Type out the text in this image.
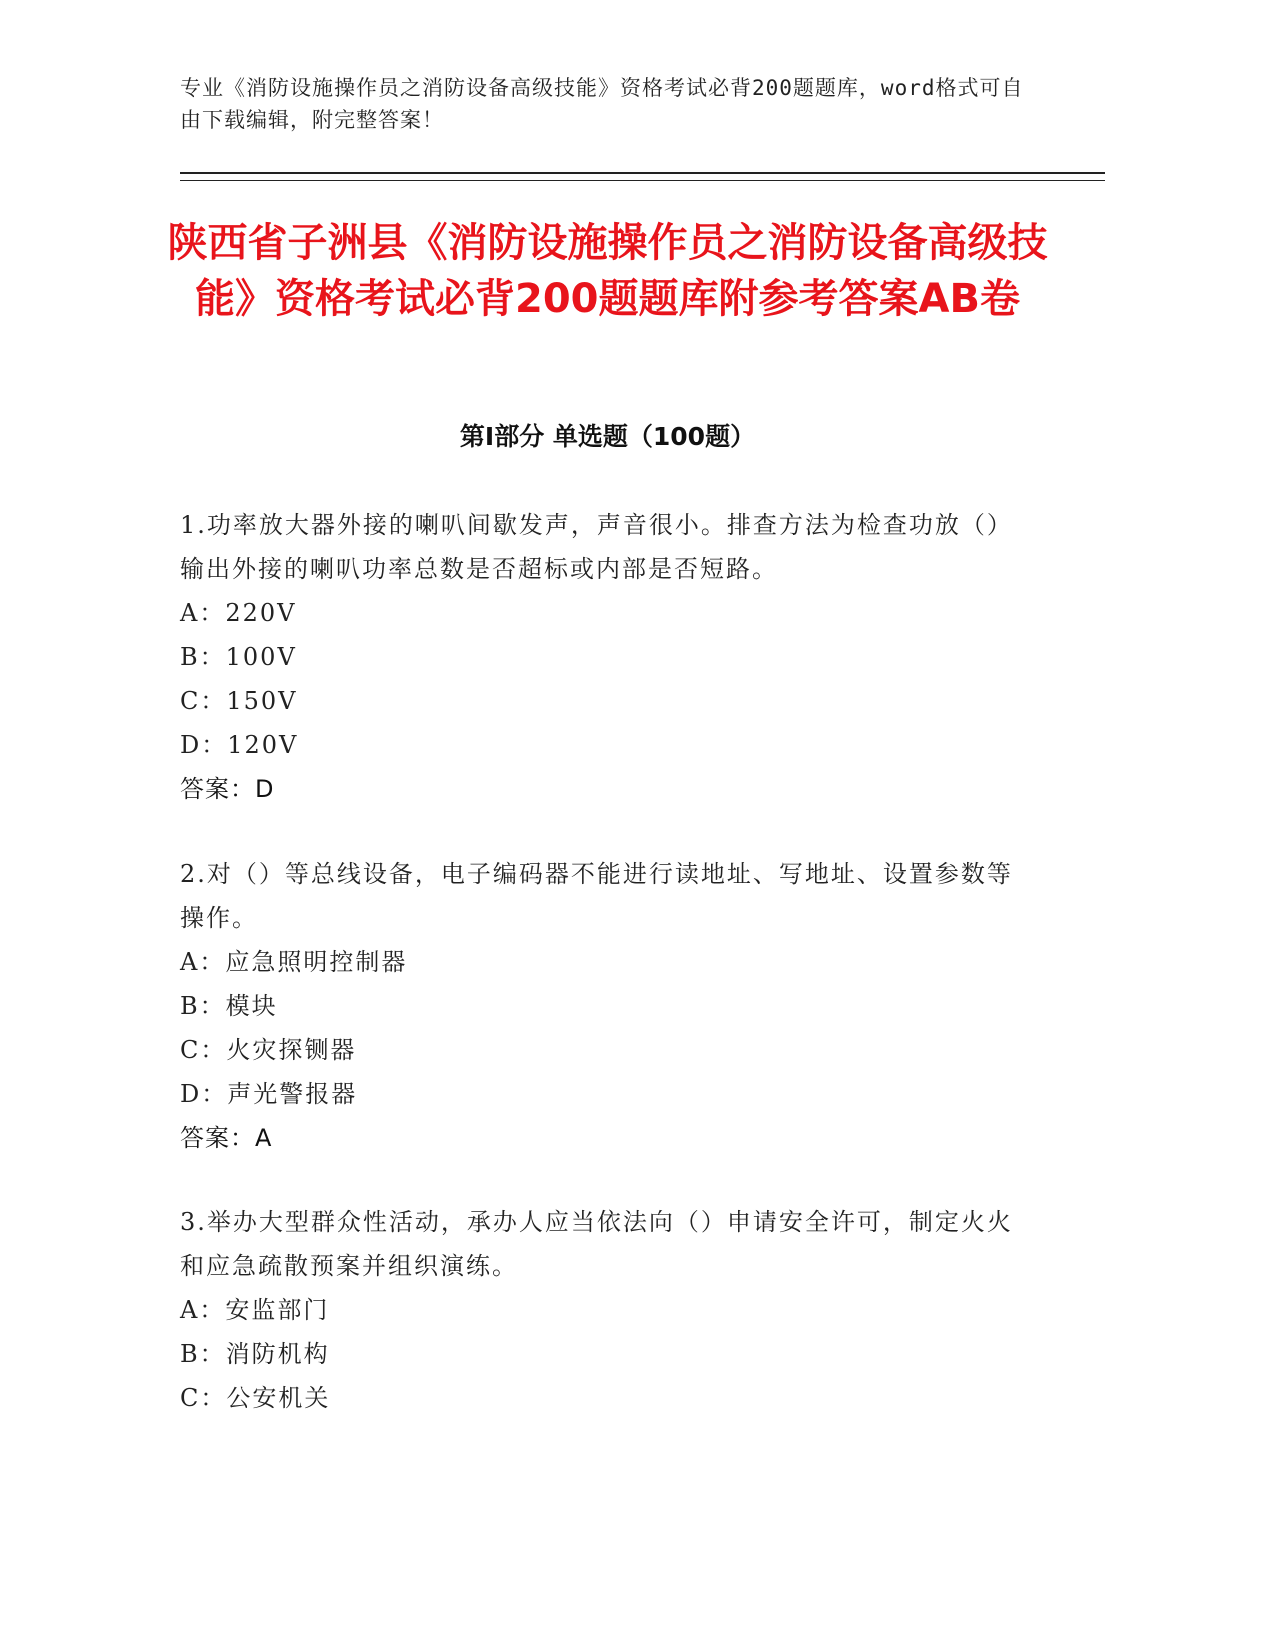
专业《消防设施操作员之消防设备高级技能》资格考试必背200题题库，word格式可自由下载编辑，附完整答案！
陕西省子洲县《消防设施操作员之消防设备高级技能》资格考试必背200题题库附参考答案AB卷
第Ⅰ部分 单选题（100题）

1.功率放大器外接的喇叭间歇发声，声音很小。排查方法为检查功放（）输出外接的喇叭功率总数是否超标或内部是否短路。

A：220V

B：100V

C：150V

D：120V

答案：D

2.对（）等总线设备，电子编码器不能进行读地址、写地址、设置参数等操作。

A：应急照明控制器

B：模块

C：火灾探铡器

D：声光警报器

答案：A

3.举办大型群众性活动，承办人应当依法向（）申请安全许可，制定火火和应急疏散预案并组织演练。

A：安监部门

B：消防机构

C：公安机关
